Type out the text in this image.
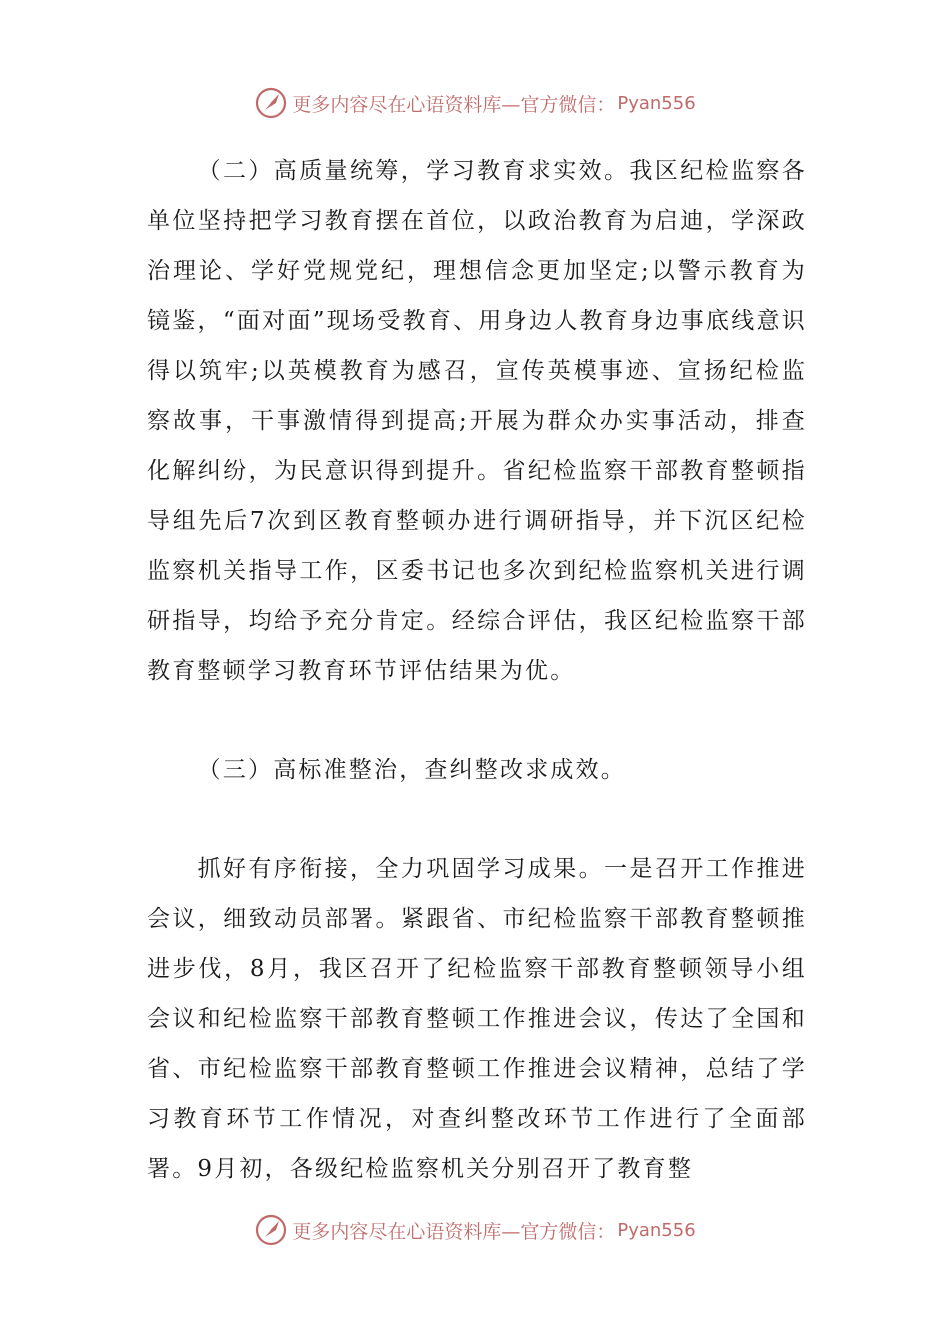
更多内容尽在心语资料库—官方微信： Pyan556

（二）高质量统筹，学习教育求实效。我区纪检监察各单位坚持把学习教育摆在首位，以政治教育为启迪，学深政治理论、学好党规党纪，理想信念更加坚定;以警示教育为镜鉴，“面对面”现场受教育、用身边人教育身边事底线意识得以筑牢;以英模教育为感召，宣传英模事迹、宣扬纪检监察故事，干事激情得到提高;开展为群众办实事活动，排查化解纠纷，为民意识得到提升。省纪检监察干部教育整顿指导组先后7次到区教育整顿办进行调研指导，并下沉区纪检监察机关指导工作，区委书记也多次到纪检监察机关进行调研指导，均给予充分肯定。经综合评估，我区纪检监察干部教育整顿学习教育环节评估结果为优。

（三）高标准整治，查纠整改求成效。

抓好有序衔接，全力巩固学习成果。一是召开工作推进会议，细致动员部署。紧跟省、市纪检监察干部教育整顿推进步伐，8月，我区召开了纪检监察干部教育整顿领导小组会议和纪检监察干部教育整顿工作推进会议，传达了全国和省、市纪检监察干部教育整顿工作推进会议精神，总结了学习教育环节工作情况，对查纠整改环节工作进行了全面部署。9月初，各级纪检监察机关分别召开了教育整

更多内容尽在心语资料库—官方微信： Pyan556
